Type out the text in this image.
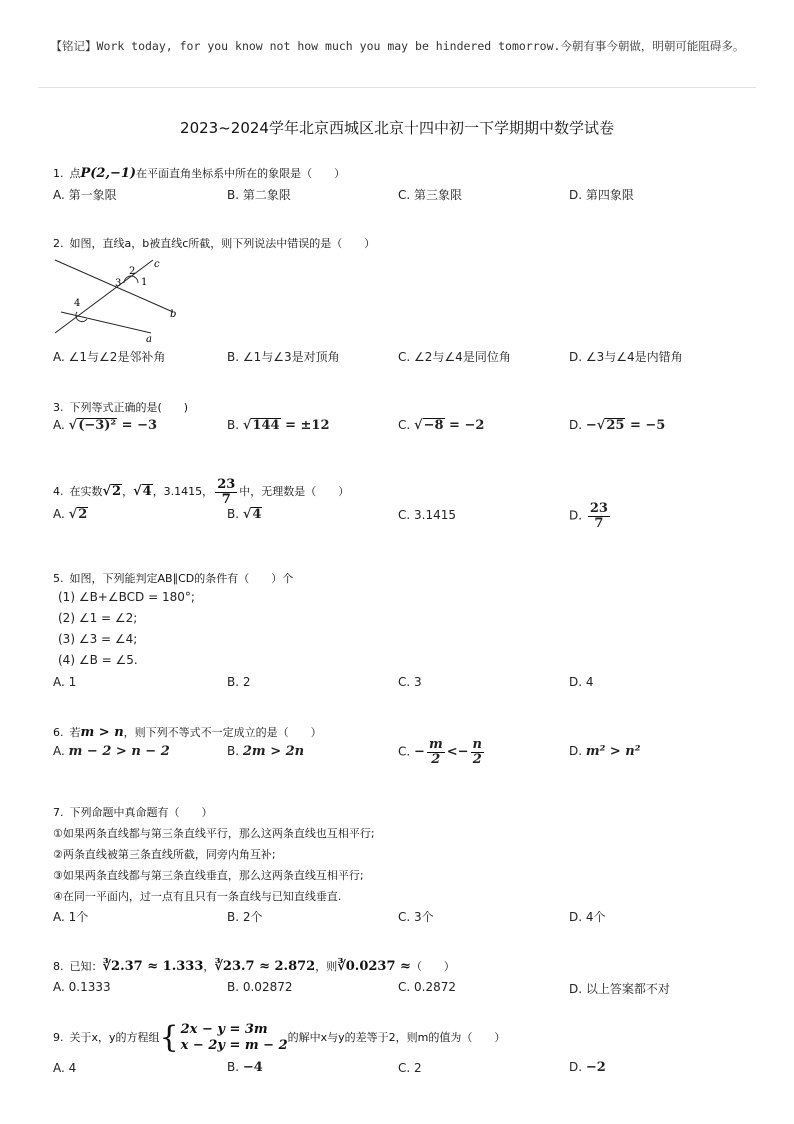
【铭记】Work today, for you know not how much you may be hindered tomorrow.今朝有事今朝做，明朝可能阻碍多。
2023~2024学年北京西城区北京十四中初一下学期期中数学试卷
1. 点P(2,−1)在平面直角坐标系中所在的象限是（　　）
A. 第一象限	B. 第二象限	C. 第三象限	D. 第四象限
2. 如图，直线a，b被直线c所截，则下列说法中错误的是（　　）
c
b
a
2
1
3
4
A. ∠1与∠2是邻补角	B. ∠1与∠3是对顶角	C. ∠2与∠4是同位角	D. ∠3与∠4是内错角
3. 下列等式正确的是(　　)
A. √(−3)² = −3	B. √144 = ±12	C. √−8 = −2	D. −√25 = −5
4. 在实数√2，√4，3.1415， $\frac{23}{7}$ 中，无理数是（　　）
A. √2	B. √4	C. 3.1415	D. $\frac{23}{7}$
5. 如图，下列能判定AB∥CD的条件有（　　）个
(1) ∠B+∠BCD = 180°;
(2) ∠1 = ∠2;
(3) ∠3 = ∠4;
(4) ∠B = ∠5.
A. 1	B. 2	C. 3	D. 4
6. 若m > n，则下列不等式不一定成立的是（　　）
A. m − 2 > n − 2	B. 2m > 2n	C. − $\frac{m}{2} <- \frac{n}{2}$	D. m² > n²
7. 下列命题中真命题有（　　）
①如果两条直线都与第三条直线平行，那么这两条直线也互相平行;
②两条直线被第三条直线所截，同旁内角互补;
③如果两条直线都与第三条直线垂直，那么这两条直线互相平行;
④在同一平面内，过一点有且只有一条直线与已知直线垂直.
A. 1个	B. 2个	C. 3个	D. 4个
8. 已知：∛2.37 ≈ 1.333，∛23.7 ≈ 2.872，则∛0.0237 ≈（　　）
A. 0.1333	B. 0.02872	C. 0.2872	D. 以上答案都不对
9. 关于x，y的方程组 { 2x − y = 3m
x − 2y = m − 2
的解中x与y的差等于2，则m的值为（　　）
A. 4	B. −4	C. 2	D. −2
